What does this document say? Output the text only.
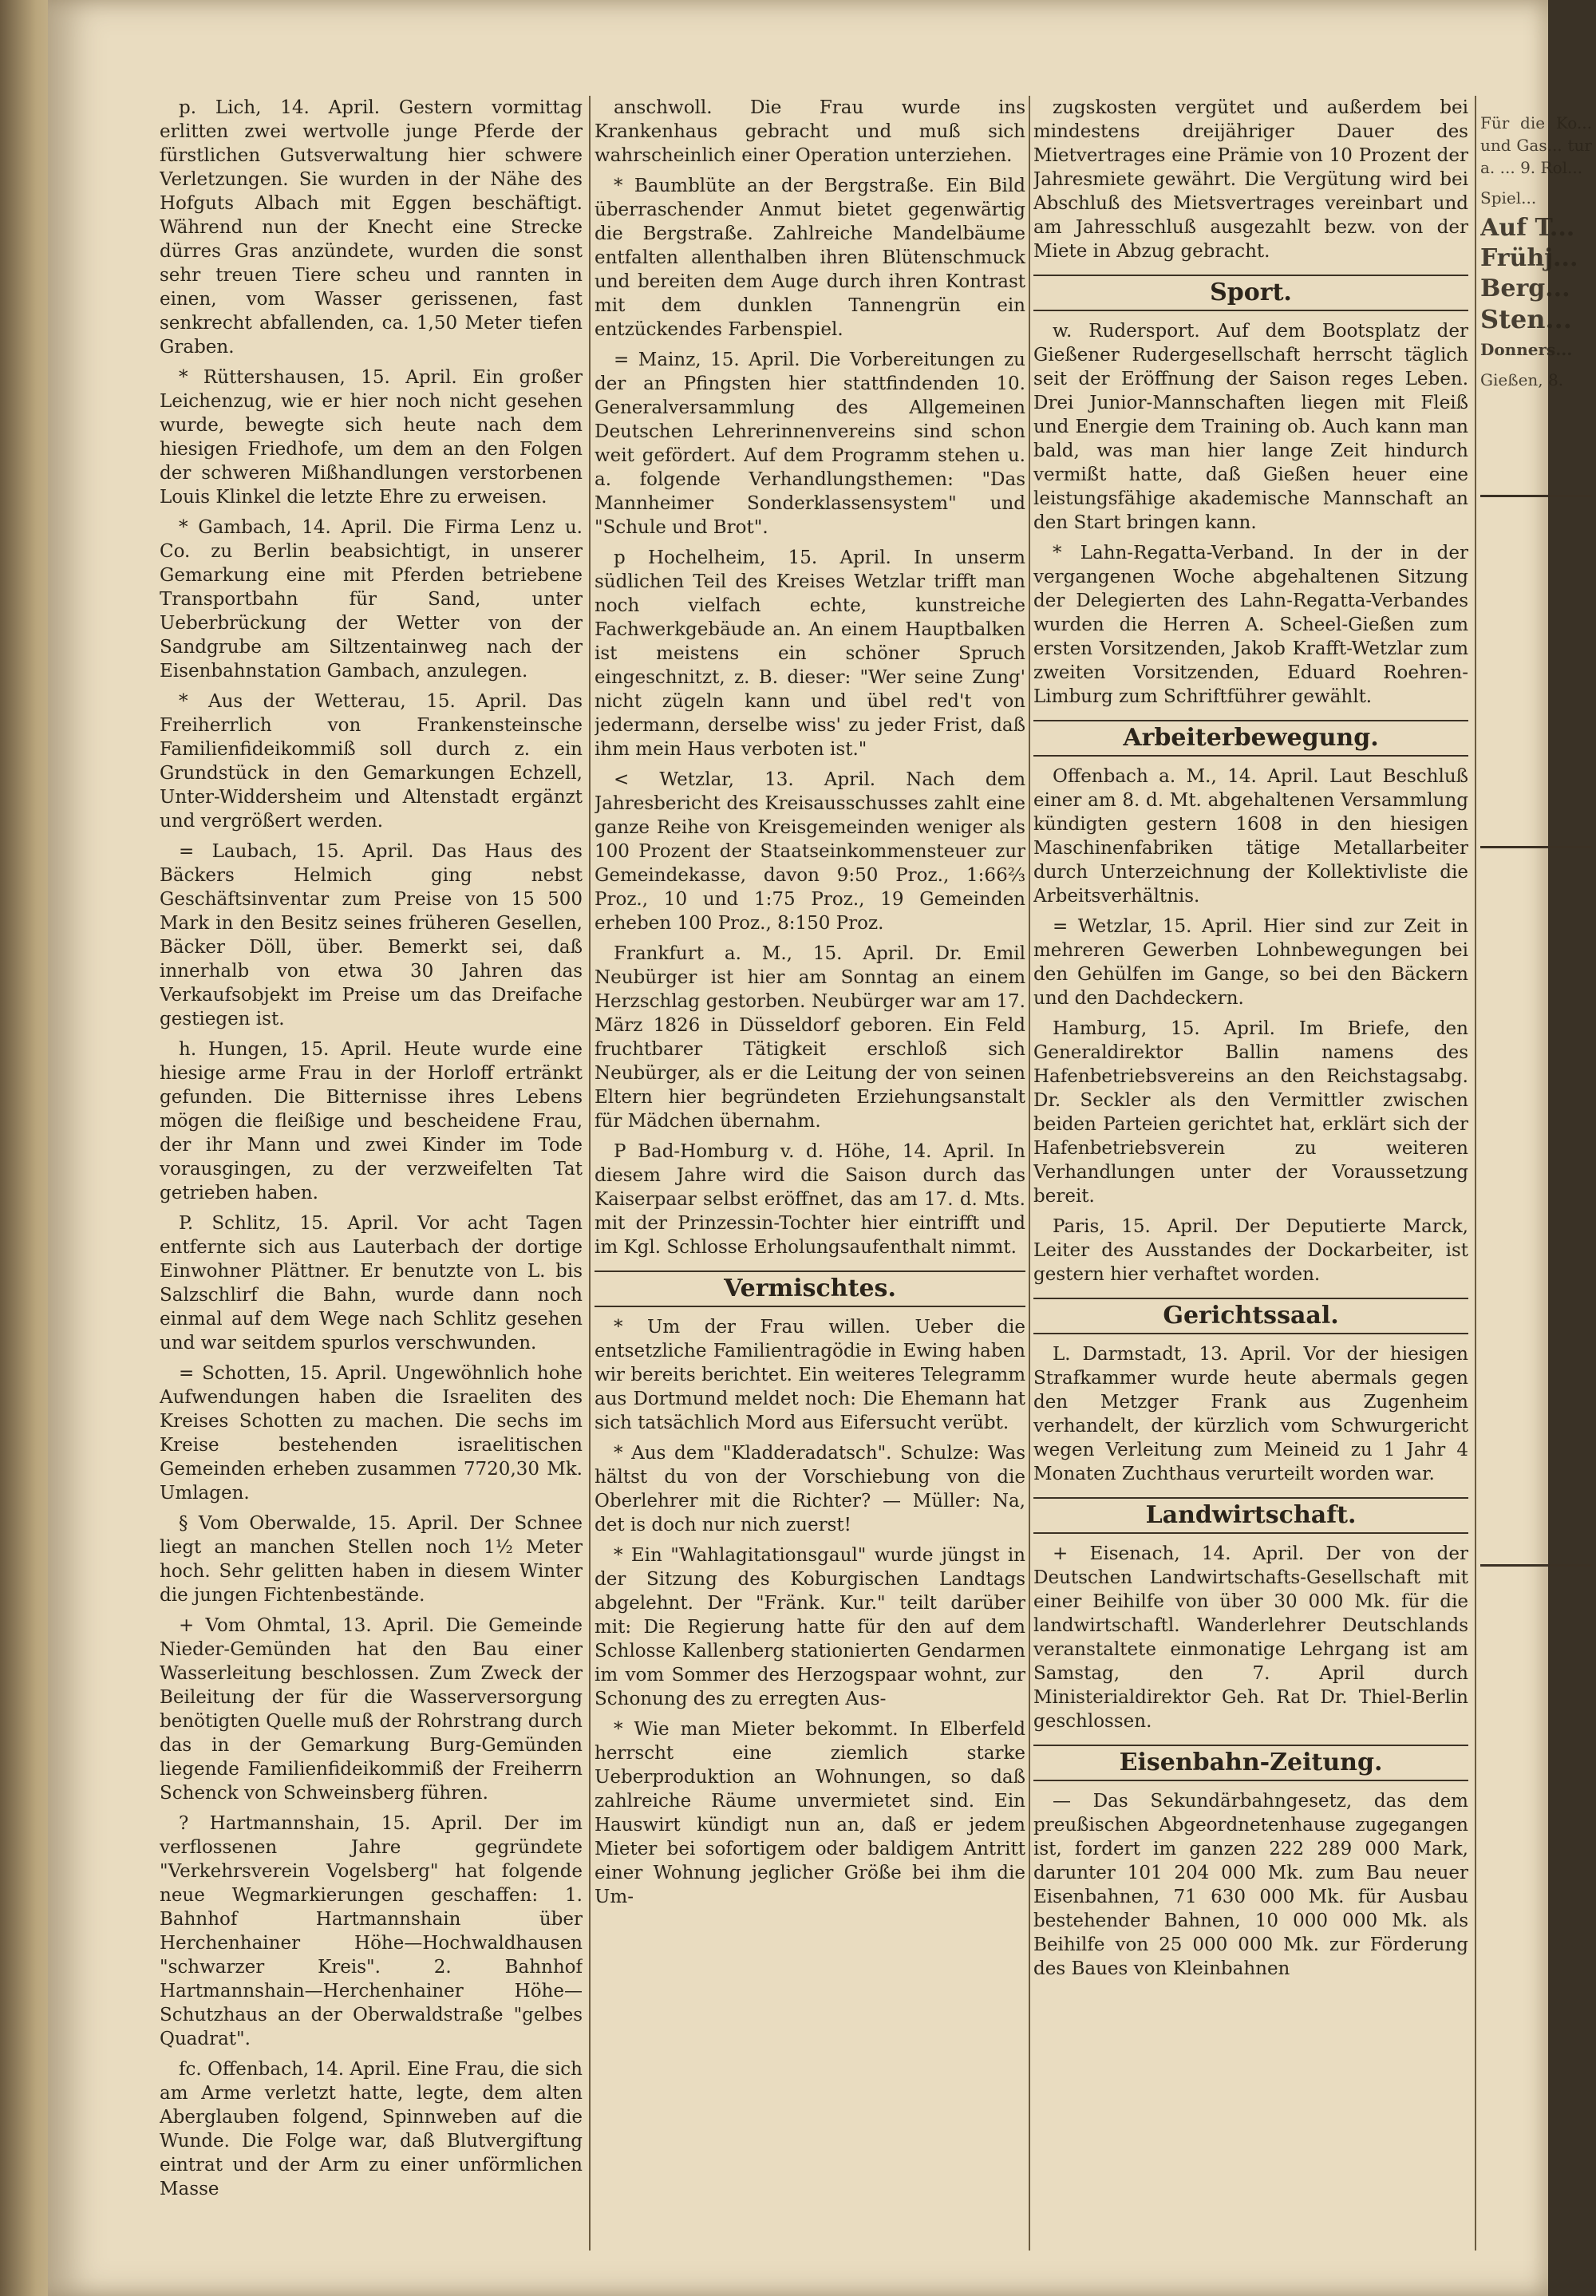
p. Lich, 14. April. Gestern vormittag erlitten zwei wertvolle junge Pferde der fürstlichen Gutsverwaltung hier schwere Verletzungen. Sie wurden in der Nähe des Hofguts Albach mit Eggen beschäftigt. Während nun der Knecht eine Strecke dürres Gras anzündete, wurden die sonst sehr treuen Tiere scheu und rannten in einen, vom Wasser gerissenen, fast senkrecht abfallenden, ca. 1,50 Meter tiefen Graben.

* Rüttershausen, 15. April. Ein großer Leichenzug, wie er hier noch nicht gesehen wurde, bewegte sich heute nach dem hiesigen Friedhofe, um dem an den Folgen der schweren Mißhandlungen verstorbenen Louis Klinkel die letzte Ehre zu erweisen.

* Gambach, 14. April. Die Firma Lenz u. Co. zu Berlin beabsichtigt, in unserer Gemarkung eine mit Pferden betriebene Transportbahn für Sand, unter Ueberbrückung der Wetter von der Sandgrube am Siltzentainweg nach der Eisenbahnstation Gambach, anzulegen.

* Aus der Wetterau, 15. April. Das Freiherrlich von Frankensteinsche Familienfideikommiß soll durch z. ein Grundstück in den Gemarkungen Echzell, Unter-Widdersheim und Altenstadt ergänzt und vergrößert werden.

= Laubach, 15. April. Das Haus des Bäckers Helmich ging nebst Geschäftsinventar zum Preise von 15 500 Mark in den Besitz seines früheren Gesellen, Bäcker Döll, über. Bemerkt sei, daß innerhalb von etwa 30 Jahren das Verkaufsobjekt im Preise um das Dreifache gestiegen ist.

h. Hungen, 15. April. Heute wurde eine hiesige arme Frau in der Horloff ertränkt gefunden. Die Bitternisse ihres Lebens mögen die fleißige und bescheidene Frau, der ihr Mann und zwei Kinder im Tode vorausgingen, zu der verzweifelten Tat getrieben haben.

P. Schlitz, 15. April. Vor acht Tagen entfernte sich aus Lauterbach der dortige Einwohner Plättner. Er benutzte von L. bis Salzschlirf die Bahn, wurde dann noch einmal auf dem Wege nach Schlitz gesehen und war seitdem spurlos verschwunden.

= Schotten, 15. April. Ungewöhnlich hohe Aufwendungen haben die Israeliten des Kreises Schotten zu machen. Die sechs im Kreise bestehenden israelitischen Gemeinden erheben zusammen 7720,30 Mk. Umlagen.

§ Vom Oberwalde, 15. April. Der Schnee liegt an manchen Stellen noch 1½ Meter hoch. Sehr gelitten haben in diesem Winter die jungen Fichtenbestände.

+ Vom Ohmtal, 13. April. Die Gemeinde Nieder-Gemünden hat den Bau einer Wasserleitung beschlossen. Zum Zweck der Beileitung der für die Wasserversorgung benötigten Quelle muß der Rohrstrang durch das in der Gemarkung Burg-Gemünden liegende Familienfideikommiß der Freiherrn Schenck von Schweinsberg führen.

? Hartmannshain, 15. April. Der im verflossenen Jahre gegründete "Verkehrsverein Vogelsberg" hat folgende neue Wegmarkierungen geschaffen: 1. Bahnhof Hartmannshain über Herchenhainer Höhe—Hochwaldhausen "schwarzer Kreis". 2. Bahnhof Hartmannshain—Herchenhainer Höhe—Schutzhaus an der Oberwaldstraße "gelbes Quadrat".

fc. Offenbach, 14. April. Eine Frau, die sich am Arme verletzt hatte, legte, dem alten Aberglauben folgend, Spinnweben auf die Wunde. Die Folge war, daß Blutvergiftung eintrat und der Arm zu einer unförmlichen Masse

anschwoll. Die Frau wurde ins Krankenhaus gebracht und muß sich wahrscheinlich einer Operation unterziehen.

* Baumblüte an der Bergstraße. Ein Bild überraschender Anmut bietet gegenwärtig die Bergstraße. Zahlreiche Mandelbäume entfalten allenthalben ihren Blütenschmuck und bereiten dem Auge durch ihren Kontrast mit dem dunklen Tannengrün ein entzückendes Farbenspiel.

= Mainz, 15. April. Die Vorbereitungen zu der an Pfingsten hier stattfindenden 10. Generalversammlung des Allgemeinen Deutschen Lehrerinnenvereins sind schon weit gefördert. Auf dem Programm stehen u. a. folgende Verhandlungsthemen: "Das Mannheimer Sonderklassensystem" und "Schule und Brot".

p Hochelheim, 15. April. In unserm südlichen Teil des Kreises Wetzlar trifft man noch vielfach echte, kunstreiche Fachwerkgebäude an. An einem Hauptbalken ist meistens ein schöner Spruch eingeschnitzt, z. B. dieser: "Wer seine Zung' nicht zügeln kann und übel red't von jedermann, derselbe wiss' zu jeder Frist, daß ihm mein Haus verboten ist."

< Wetzlar, 13. April. Nach dem Jahresbericht des Kreisausschusses zahlt eine ganze Reihe von Kreisgemeinden weniger als 100 Prozent der Staatseinkommensteuer zur Gemeindekasse, davon 9:50 Proz., 1:66⅔ Proz., 10 und 1:75 Proz., 19 Gemeinden erheben 100 Proz., 8:150 Proz.

Frankfurt a. M., 15. April. Dr. Emil Neubürger ist hier am Sonntag an einem Herzschlag gestorben. Neubürger war am 17. März 1826 in Düsseldorf geboren. Ein Feld fruchtbarer Tätigkeit erschloß sich Neubürger, als er die Leitung der von seinen Eltern hier begründeten Erziehungsanstalt für Mädchen übernahm.

P Bad-Homburg v. d. Höhe, 14. April. In diesem Jahre wird die Saison durch das Kaiserpaar selbst eröffnet, das am 17. d. Mts. mit der Prinzessin-Tochter hier eintrifft und im Kgl. Schlosse Erholungsaufenthalt nimmt.

Vermischtes.

* Um der Frau willen. Ueber die entsetzliche Familientragödie in Ewing haben wir bereits berichtet. Ein weiteres Telegramm aus Dortmund meldet noch: Die Ehemann hat sich tatsächlich Mord aus Eifersucht verübt.

* Aus dem "Kladderadatsch". Schulze: Was hältst du von der Vorschiebung von die Oberlehrer mit die Richter? — Müller: Na, det is doch nur nich zuerst!

* Ein "Wahlagitationsgaul" wurde jüngst in der Sitzung des Koburgischen Landtags abgelehnt. Der "Fränk. Kur." teilt darüber mit: Die Regierung hatte für den auf dem Schlosse Kallenberg stationierten Gendarmen im vom Sommer des Herzogspaar wohnt, zur Schonung des zu erregten Aus-

* Wie man Mieter bekommt. In Elberfeld herrscht eine ziemlich starke Ueberproduktion an Wohnungen, so daß zahlreiche Räume unvermietet sind. Ein Hauswirt kündigt nun an, daß er jedem Mieter bei sofortigem oder baldigem Antritt einer Wohnung jeglicher Größe bei ihm die Um-

zugskosten vergütet und außerdem bei mindestens dreijähriger Dauer des Mietvertrages eine Prämie von 10 Prozent der Jahresmiete gewährt. Die Vergütung wird bei Abschluß des Mietsvertrages vereinbart und am Jahresschluß ausgezahlt bezw. von der Miete in Abzug gebracht.

Sport.

w. Rudersport. Auf dem Bootsplatz der Gießener Rudergesellschaft herrscht täglich seit der Eröffnung der Saison reges Leben. Drei Junior-Mannschaften liegen mit Fleiß und Energie dem Training ob. Auch kann man bald, was man hier lange Zeit hindurch vermißt hatte, daß Gießen heuer eine leistungsfähige akademische Mannschaft an den Start bringen kann.

* Lahn-Regatta-Verband. In der in der vergangenen Woche abgehaltenen Sitzung der Delegierten des Lahn-Regatta-Verbandes wurden die Herren A. Scheel-Gießen zum ersten Vorsitzenden, Jakob Krafft-Wetzlar zum zweiten Vorsitzenden, Eduard Roehren-Limburg zum Schriftführer gewählt.

Arbeiterbewegung.

Offenbach a. M., 14. April. Laut Beschluß einer am 8. d. Mt. abgehaltenen Versammlung kündigten gestern 1608 in den hiesigen Maschinenfabriken tätige Metallarbeiter durch Unterzeichnung der Kollektivliste die Arbeitsverhältnis.

= Wetzlar, 15. April. Hier sind zur Zeit in mehreren Gewerben Lohnbewegungen bei den Gehülfen im Gange, so bei den Bäckern und den Dachdeckern.

Hamburg, 15. April. Im Briefe, den Generaldirektor Ballin namens des Hafenbetriebsvereins an den Reichstagsabg. Dr. Seckler als den Vermittler zwischen beiden Parteien gerichtet hat, erklärt sich der Hafenbetriebsverein zu weiteren Verhandlungen unter der Voraussetzung bereit.

Paris, 15. April. Der Deputierte Marck, Leiter des Ausstandes der Dockarbeiter, ist gestern hier verhaftet worden.

Gerichtssaal.

L. Darmstadt, 13. April. Vor der hiesigen Strafkammer wurde heute abermals gegen den Metzger Frank aus Zugenheim verhandelt, der kürzlich vom Schwurgericht wegen Verleitung zum Meineid zu 1 Jahr 4 Monaten Zuchthaus verurteilt worden war.

Landwirtschaft.

+ Eisenach, 14. April. Der von der Deutschen Landwirtschafts-Gesellschaft mit einer Beihilfe von über 30 000 Mk. für die landwirtschaftl. Wanderlehrer Deutschlands veranstaltete einmonatige Lehrgang ist am Samstag, den 7. April durch Ministerialdirektor Geh. Rat Dr. Thiel-Berlin geschlossen.

Eisenbahn-Zeitung.

— Das Sekundärbahngesetz, das dem preußischen Abgeordnetenhause zugegangen ist, fordert im ganzen 222 289 000 Mark, darunter 101 204 000 Mk. zum Bau neuer Eisenbahnen, 71 630 000 Mk. für Ausbau bestehender Bahnen, 10 000 000 Mk. als Beihilfe von 25 000 000 Mk. zur Förderung des Baues von Kleinbahnen

Für die Ko... und Gas... tur a. ... 9. Rol...

Spiel...

Auf T...

Frühj...

Berg...

Sten...

Donners...

Gießen, 8.
